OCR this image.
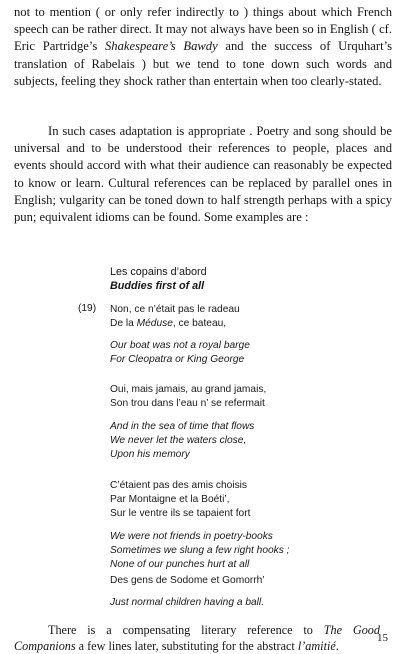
not to mention ( or only refer indirectly to ) things about which French speech can be rather direct. It may not always have been so in English ( cf. Eric Partridge’s Shakespeare’s Bawdy and the success of Urquhart’s translation of Rabelais ) but we tend to tone down such words and subjects, feeling they shock rather than entertain when too clearly-stated.

In such cases adaptation is appropriate . Poetry and song should be universal and to be understood their references to people, places and events should accord with what their audience can reasonably be expected to know or learn. Cultural references can be replaced by parallel ones in English; vulgarity can be toned down to half strength perhaps with a spicy pun; equivalent idioms can be found. Some examples are :

Les copains d’abord
Buddies first of all
(19) Non, ce n’était pas le radeau
De la Méduse, ce bateau,
Our boat was not a royal barge
For Cleopatra or King George
Oui, mais jamais, au grand jamais,
Son trou dans l’eau n’ se refermait
And in the sea of time that flows
We never let the waters close,
Upon his memory
C’étaient pas des amis choisis
Par Montaigne et la Boéti’,
Sur le ventre ils se tapaient fort
We were not friends in poetry-books
Sometimes we slung a few right hooks ;
None of our punches hurt at all
Des gens de Sodome et Gomorrh’
Just normal children having a ball.

There is a compensating literary reference to The Good Companions a few lines later, substituting for the abstract l’amitié.

15
